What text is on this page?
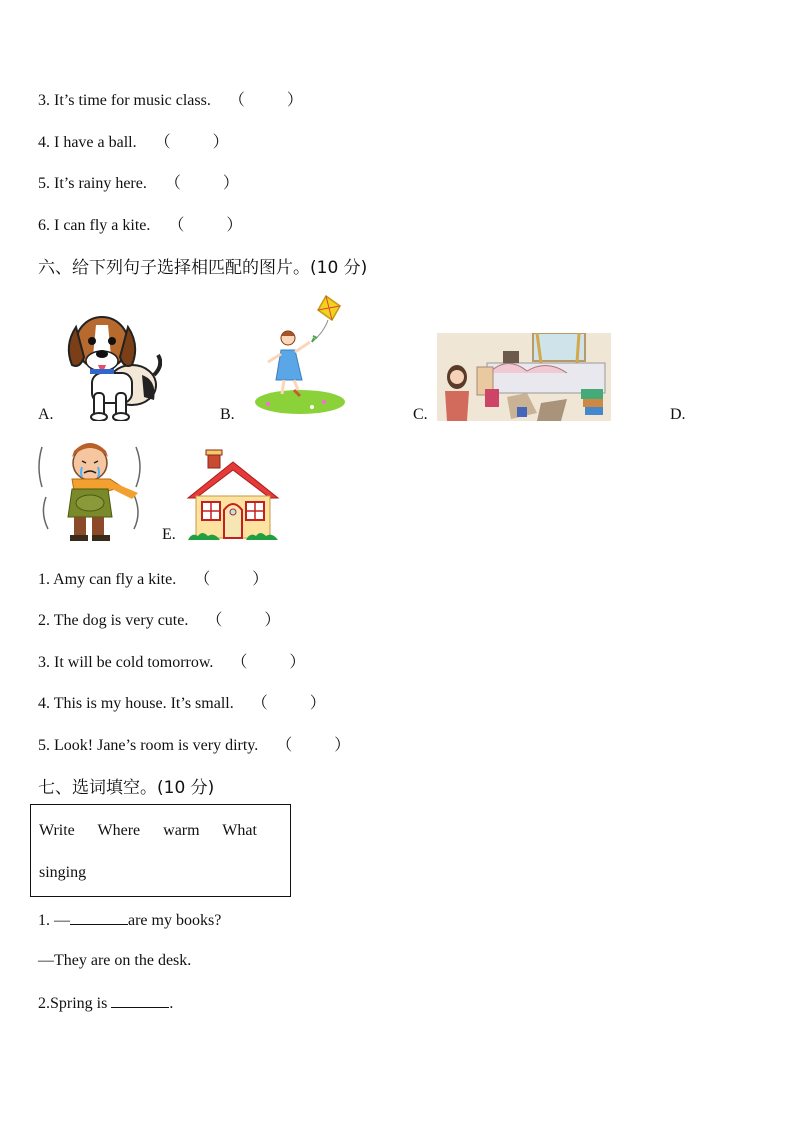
3. It’s time for music class. （	）
4. I have a ball. （	）
5. It’s rainy here. （	）
6. I can fly a kite. （	）
六、给下列句子选择相匹配的图片。(10 分)
A.	B.	C.	D.
E.
1. Amy can fly a kite. （	）
2. The dog is very cute. （	）
3. It will be cold tomorrow. （	）
4. This is my house. It’s small. （	）
5. Look! Jane’s room is very dirty. （	）
七、选词填空。(10 分)
Write Where warm What
singing
1. —	are my books?
—They are on the desk.
2.Spring is	.
